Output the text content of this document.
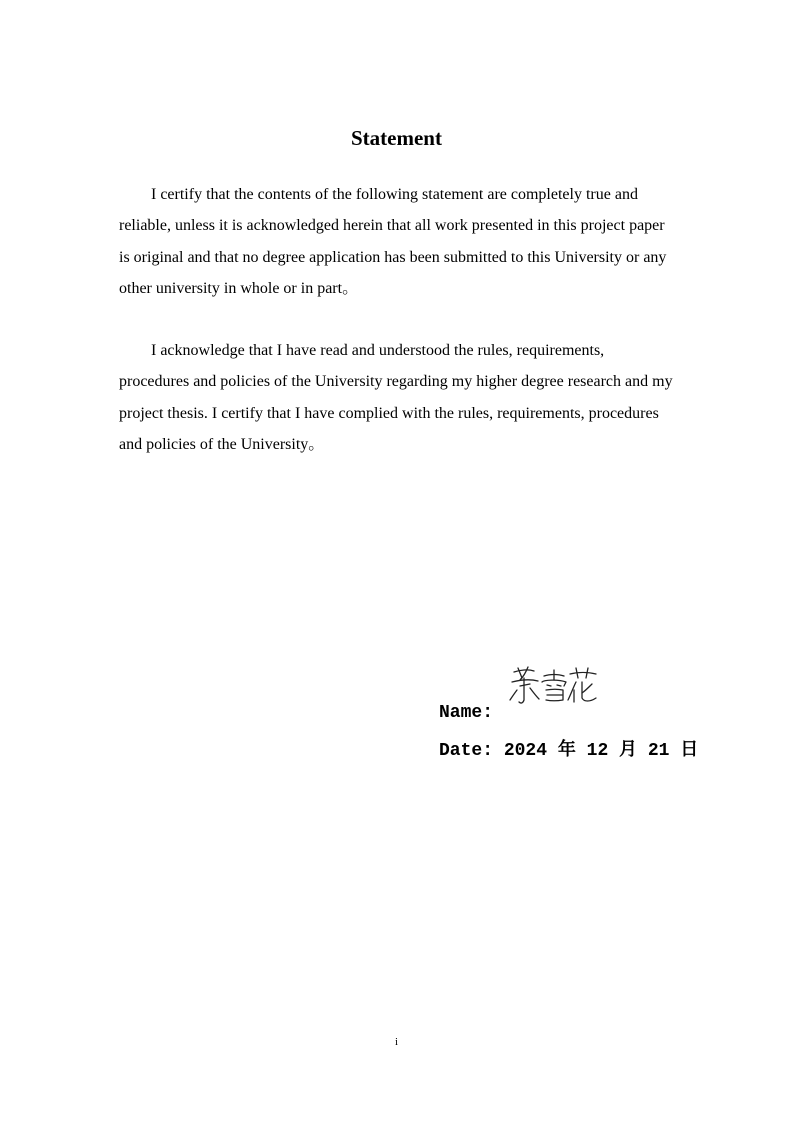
Statement

I certify that the contents of the following statement are completely true and
reliable, unless it is acknowledged herein that all work presented in this project paper
is original and that no degree application has been submitted to this University or any
other university in whole or in part。

I acknowledge that I have read and understood the rules, requirements,
procedures and policies of the University regarding my higher degree research and my
project thesis. I certify that I have complied with the rules, requirements, procedures
and policies of the University。

Name:
Date: 2024 年 12 月 21 日
i
